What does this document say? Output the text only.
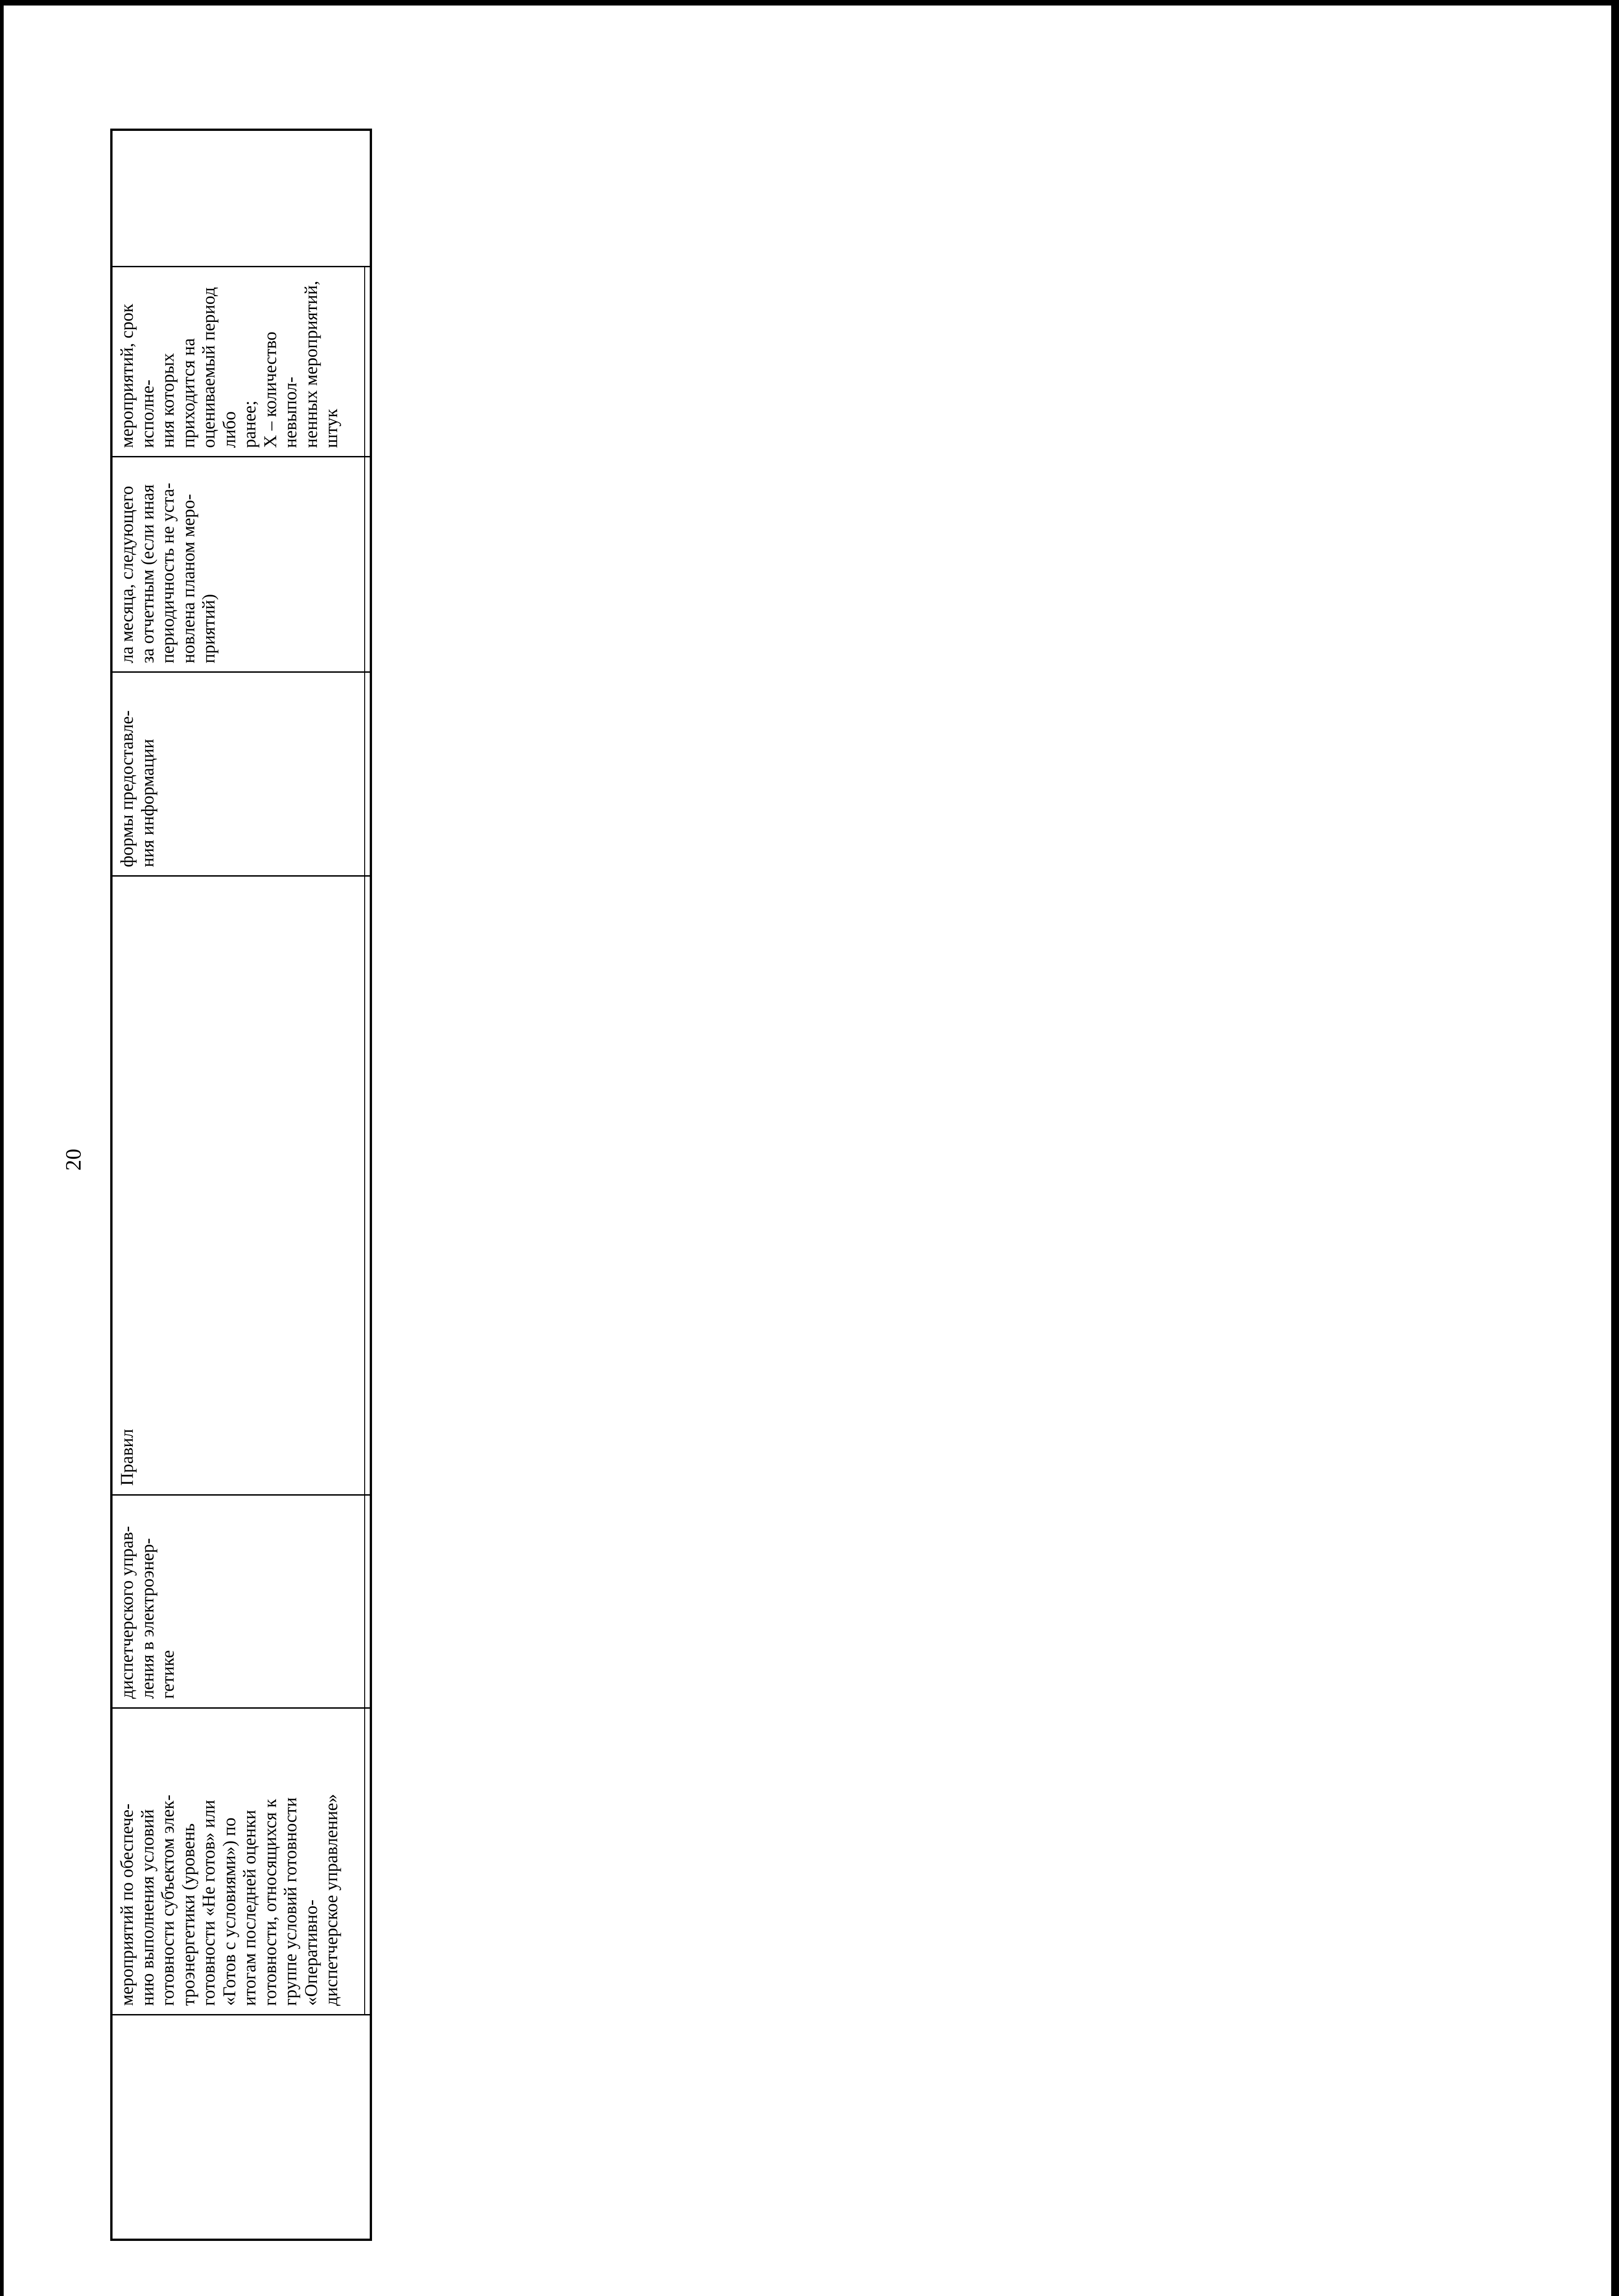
20
мероприятий по обеспече-
нию выполнения условий
готовности субъектом элек-
троэнергетики (уровень
готовности «Не готов» или
«Готов с условиями») по
итогам последней оценки
готовности, относящихся к
группе условий готовности
«Оперативно-
диспетчерское управление»
диспетчерского управ-
ления в электроэнер-
гетике
Правил
формы предоставле-
ния информации
ла месяца, следующего
за отчетным (если иная
периодичность не уста-
новлена планом меро-
приятий)
мероприятий, срок исполне-
ния которых приходится на
оцениваемый период либо
ранее;
X – количество невыпол-
ненных мероприятий, штук
